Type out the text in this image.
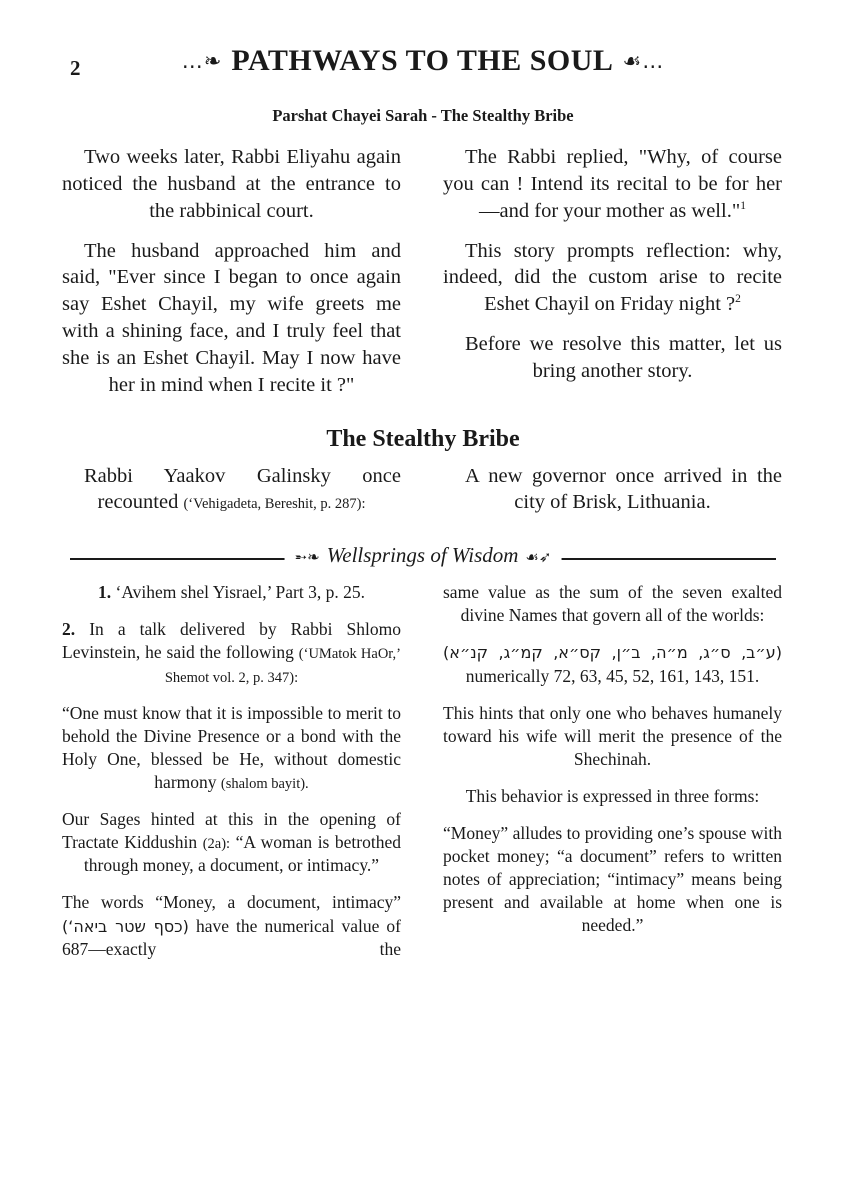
2	…❧ PATHWAYS TO THE SOUL ☙…
Parshat Chayei Sarah - The Stealthy Bribe

Two weeks later, Rabbi Eliyahu again noticed the husband at the entrance to the rabbinical court.

The husband approached him and said, "Ever since I began to once again say Eshet Chayil, my wife greets me with a shining face, and I truly feel that she is an Eshet Chayil. May I now have her in mind when I recite it ?"

The Rabbi replied, "Why, of course you can ! Intend its recital to be for her—and for your mother as well."$^1$

This story prompts reflection: why, indeed, did the custom arise to recite Eshet Chayil on Friday night ?$^2$

Before we resolve this matter, let us bring another story.

The Stealthy Bribe

Rabbi Yaakov Galinsky once recounted (‘Vehigadeta, Bereshit, p. 287):

A new governor once arrived in the city of Brisk, Lithuania.

➵❧ Wellsprings of Wisdom ☙➶

1. ‘Avihem shel Yisrael,’ Part 3, p. 25.

2. In a talk delivered by Rabbi Shlomo Levinstein, he said the following (‘UMatok HaOr,’ Shemot vol. 2, p. 347):

“One must know that it is impossible to merit to behold the Divine Presence or a bond with the Holy One, blessed be He, without domestic harmony (shalom bayit).

Our Sages hinted at this in the opening of Tractate Kiddushin (2a): “A woman is betrothed through money, a document, or intimacy.”

The words “Money, a document, intimacy” (כסף שטר ביאה‘) have the numerical value of 687—exactly the

same value as the sum of the seven exalted divine Names that govern all of the worlds:

(ע״ב, ס״ג, מ״ה, ב״ן, קס״א, קמ״ג, קנ״א) numerically 72, 63, 45, 52, 161, 143, 151.

This hints that only one who behaves humanely toward his wife will merit the presence of the Shechinah.

This behavior is expressed in three forms:

“Money” alludes to providing one’s spouse with pocket money; “a document” refers to written notes of appreciation; “intimacy” means being present and available at home when one is needed.”
